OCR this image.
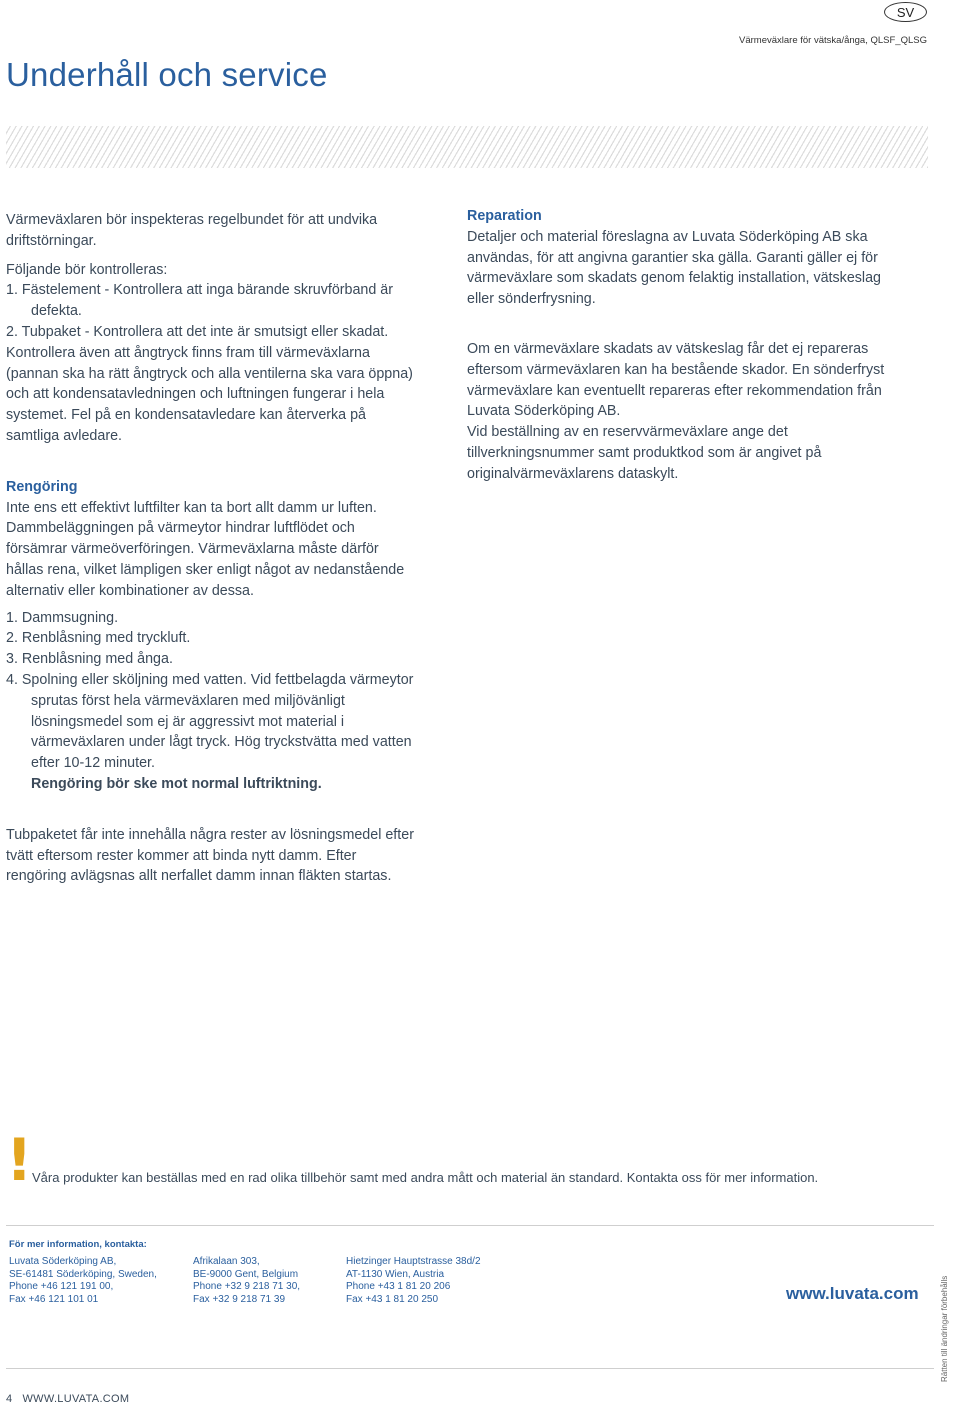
SV
Värmeväxlare för vätska/ånga, QLSF_QLSG
Underhåll och service

Värmeväxlaren bör inspekteras regelbundet för att undvika driftstörningar.

Följande bör kontrolleras:

1. Fästelement - Kontrollera att inga bärande skruvförband är defekta.

2. Tubpaket - Kontrollera att det inte är smutsigt eller skadat.

Kontrollera även att ångtryck finns fram till värmeväxlarna (pannan ska ha rätt ångtryck och alla ventilerna ska vara öppna) och att kondensatavledningen och luftningen fungerar i hela systemet. Fel på en kondensatavledare kan återverka på samtliga avledare.

Rengöring

Inte ens ett effektivt luftfilter kan ta bort allt damm ur luften. Dammbeläggningen på värmeytor hindrar luftflödet och försämrar värmeöverföringen. Värmeväxlarna måste därför hållas rena, vilket lämpligen sker enligt något av nedanstående alternativ eller kombinationer av dessa.

1. Dammsugning.

2. Renblåsning med tryckluft.

3. Renblåsning med ånga.

4. Spolning eller sköljning med vatten. Vid fettbelagda värmeytor sprutas först hela värmeväxlaren med miljövänligt lösningsmedel som ej är aggressivt mot material i värmeväxlaren under lågt tryck. Hög tryckstvätta med vatten efter 10-12 minuter.
Rengöring bör ske mot normal luftriktning.

Tubpaketet får inte innehålla några rester av lösningsmedel efter tvätt eftersom rester kommer att binda nytt damm. Efter rengöring avlägsnas allt nerfallet damm innan fläkten startas.

Reparation

Detaljer och material föreslagna av Luvata Söderköping AB ska användas, för att angivna garantier ska gälla. Garanti gäller ej för värmeväxlare som skadats genom felaktig installation, vätskeslag eller sönderfrysning.

Om en värmeväxlare skadats av vätskeslag får det ej repareras eftersom värmeväxlaren kan ha bestående skador. En sönderfryst värmeväxlare kan eventuellt repareras efter rekommendation från Luvata Söderköping AB.

Vid beställning av en reservvärmeväxlare ange det tillverkningsnummer samt produktkod som är angivet på originalvärmeväxlarens dataskylt.

! Våra produkter kan beställas med en rad olika tillbehör samt med andra mått och material än standard. Kontakta oss för mer information.
För mer information, kontakta:
Luvata Söderköping AB,
SE-61481 Söderköping, Sweden,
Phone +46 121 191 00,
Fax +46 121 101 01
Afrikalaan 303,
BE-9000 Gent, Belgium
Phone +32 9 218 71 30,
Fax +32 9 218 71 39
Hietzinger Hauptstrasse 38d/2
AT-1130 Wien, Austria
Phone +43 1 81 20 206
Fax +43 1 81 20 250	www.luvata.com	Rätten till ändringar förbehålls
4 WWW.LUVATA.COM
